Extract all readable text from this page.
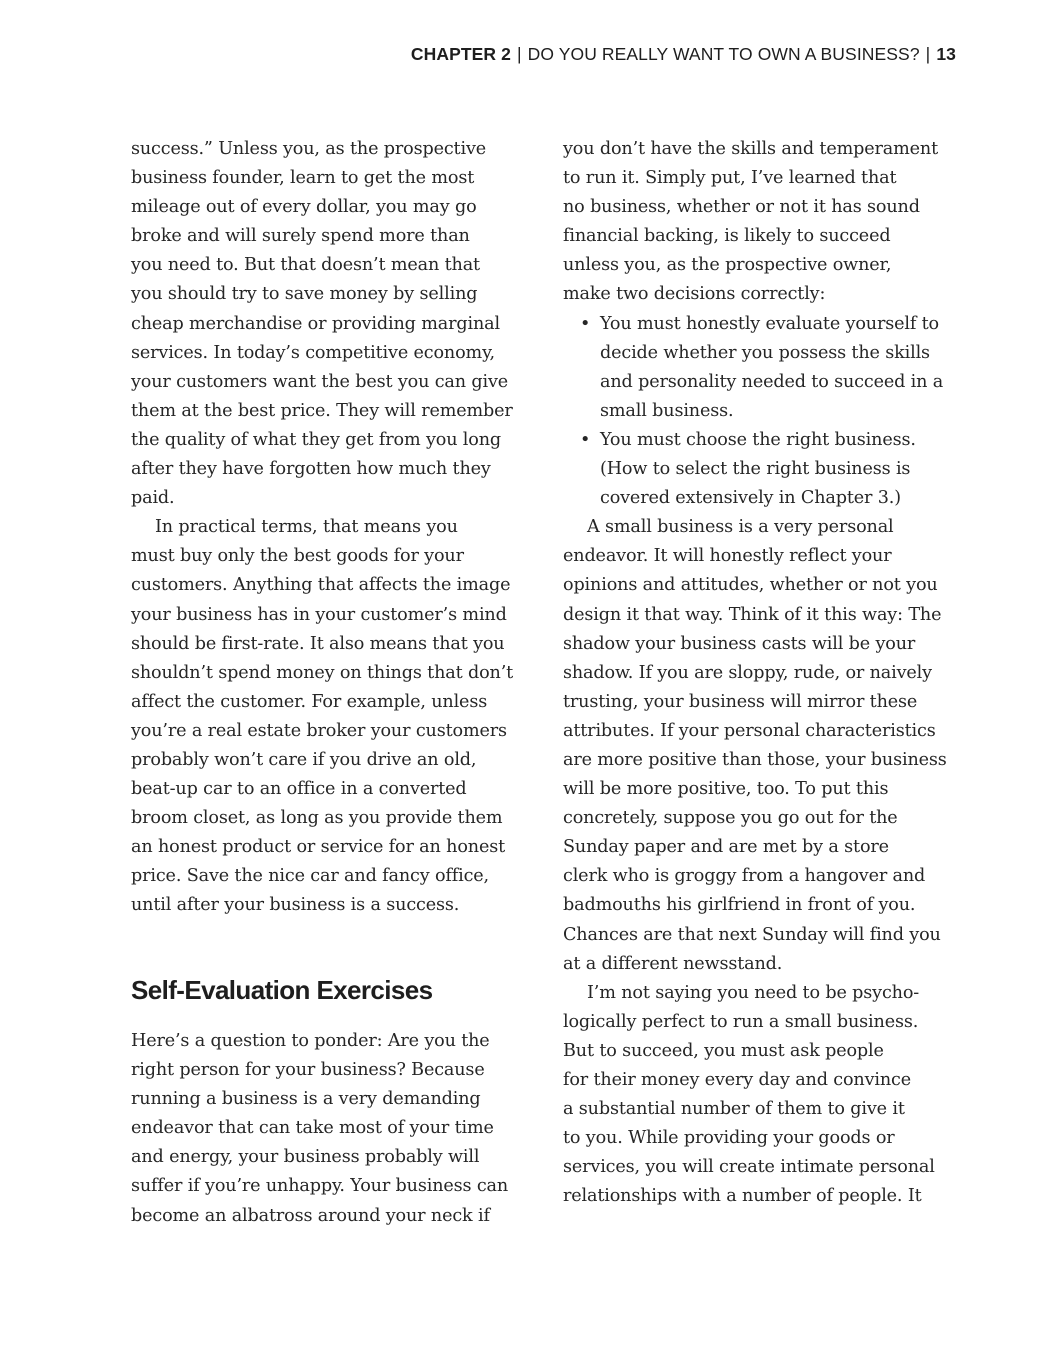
CHAPTER 2 | DO YOU REALLY WANT TO OWN A BUSINESS? | 13

success.” Unless you, as the prospective
business founder, learn to get the most
mileage out of every dollar, you may go
broke and will surely spend more than
you need to. But that doesn’t mean that
you should try to save money by selling
cheap merchandise or providing marginal
services. In today’s competitive economy,
your customers want the best you can give
them at the best price. They will remember
the quality of what they get from you long
after they have forgotten how much they
paid.

In practical terms, that means you
must buy only the best goods for your
customers. Anything that affects the image
your business has in your customer’s mind
should be first-rate. It also means that you
shouldn’t spend money on things that don’t
affect the customer. For example, unless
you’re a real estate broker your customers
probably won’t care if you drive an old,
beat-up car to an office in a converted
broom closet, as long as you provide them
an honest product or service for an honest
price. Save the nice car and fancy office,
until after your business is a success.

Self-Evaluation Exercises

Here’s a question to ponder: Are you the
right person for your business? Because
running a business is a very demanding
endeavor that can take most of your time
and energy, your business probably will
suffer if you’re unhappy. Your business can
become an albatross around your neck if

you don’t have the skills and temperament
to run it. Simply put, I’ve learned that
no business, whether or not it has sound
financial backing, is likely to succeed
unless you, as the prospective owner,
make two decisions correctly:

• You must honestly evaluate yourself to
decide whether you possess the skills
and personality needed to succeed in a
small business.
• You must choose the right business.
(How to select the right business is
covered extensively in Chapter 3.)

A small business is a very personal
endeavor. It will honestly reflect your
opinions and attitudes, whether or not you
design it that way. Think of it this way: The
shadow your business casts will be your
shadow. If you are sloppy, rude, or naively
trusting, your business will mirror these
attributes. If your personal characteristics
are more positive than those, your business
will be more positive, too. To put this
concretely, suppose you go out for the
Sunday paper and are met by a store
clerk who is groggy from a hangover and
badmouths his girlfriend in front of you.
Chances are that next Sunday will find you
at a different newsstand.

I’m not saying you need to be psycho-
logically perfect to run a small business.
But to succeed, you must ask people
for their money every day and convince
a substantial number of them to give it
to you. While providing your goods or
services, you will create intimate personal
relationships with a number of people. It
